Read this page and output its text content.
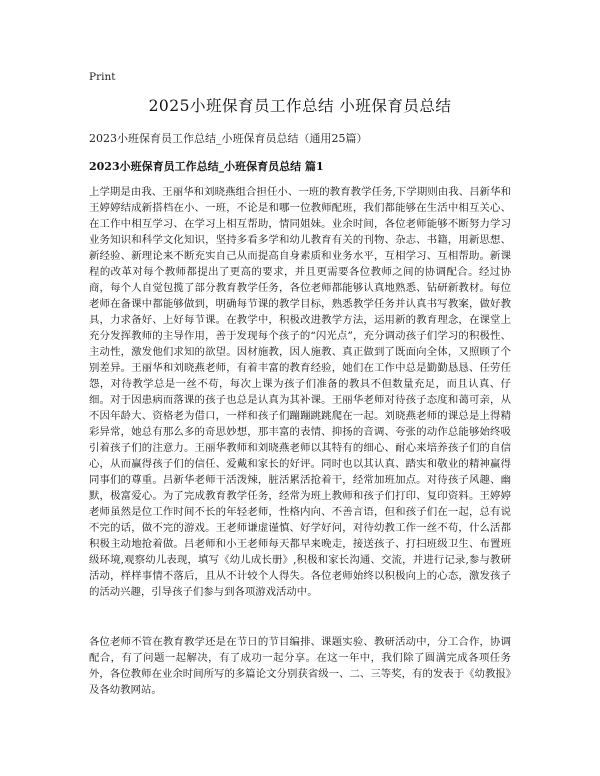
Print
2025小班保育员工作总结 小班保育员总结
2023小班保育员工作总结_小班保育员总结（通用25篇）
2023小班保育员工作总结_小班保育员总结 篇1

上学期是由我、王丽华和刘晓燕组合担任小、一班的教育教学任务,下学期则由我、吕新华和王婷婷结成新搭档在小、一班，不论是和哪一位教师配班，我们都能够在生活中相互关心、在工作中相互学习、在学习上相互帮助，情同姐妹。业余时间，各位老师能够不断努力学习业务知识和科学文化知识，坚持多看多学和幼儿教育有关的刊物、杂志、书籍，用新思想、新经验、新理论来不断充实自己从而提高自身素质和业务水平，互相学习、互相帮助。新课程的改革对每个教师都提出了更高的要求，并且更需要各位教师之间的协调配合。经过协商，每个人自觉包揽了部分教育教学任务，各位老师都能够认真地熟悉、钻研新教材。每位老师在备课中都能够做到，明确每节课的教学目标，熟悉教学任务并认真书写教案，做好教具，力求备好、上好每节课。在教学中，积极改进教学方法，运用新的教育理念，在课堂上充分发挥教师的主导作用，善于发现每个孩子的“闪光点”，充分调动孩子们学习的积极性、主动性，激发他们求知的欲望。因材施教，因人施教、真正做到了既面向全体，又照顾了个别差异。王丽华和刘晓燕老师，有着丰富的教育经验，她们在工作中总是勤勤恳恳、任劳任怨，对待教学总是一丝不苟，每次上课为孩子们准备的教具不但数量充足，而且认真、仔细。对于因患病而落课的孩子也总是认真为其补课。王丽华老师对待孩子态度和蔼可亲，从不因年龄大、资格老为借口，一样和孩子们蹦蹦跳跳爬在一起。刘晓燕老师的课总是上得精彩异常，她总有那么多的奇思妙想，那丰富的表情、抑扬的音调、夸张的动作总能够始终吸引着孩子们的注意力。王丽华教师和刘晓燕老师以其特有的细心、耐心来培养孩子们的自信心，从而赢得孩子们的信任、爱戴和家长的好评。同时也以其认真、踏实和敬业的精神赢得同事们的尊重。吕新华老师干活泼辣，脏活累活抢着干，经常加班加点。对待孩子风趣、幽默，极富爱心。为了完成教育教学任务，经常为班上教师和孩子们打印、复印资料。王婷婷老师虽然是位工作时间不长的年轻老师，性格内向、不善言语，但和孩子们在一起，总有说不完的话，做不完的游戏。王老师谦虚谨慎、好学好问，对待幼教工作一丝不苟，什么活都积极主动地抢着做。吕老师和小王老师每天都早来晚走，接送孩子、打扫班级卫生、布置班级环境,观察幼儿表现，填写《幼儿成长册》,积极和家长沟通、交流，并进行记录,参与教研活动，样样事情不落后，且从不计较个人得失。各位老师始终以积极向上的心态，激发孩子的活动兴趣，引导孩子们参与到各项游戏活动中。

各位老师不管在教育教学还是在节日的节目编排、课题实验、教研活动中，分工合作，协调配合，有了问题一起解决，有了成功一起分享。在这一年中，我们除了圆满完成各项任务外，各位教师在业余时间所写的多篇论文分别获省级一、二、三等奖，有的发表于《幼教报》及各幼教网站。
